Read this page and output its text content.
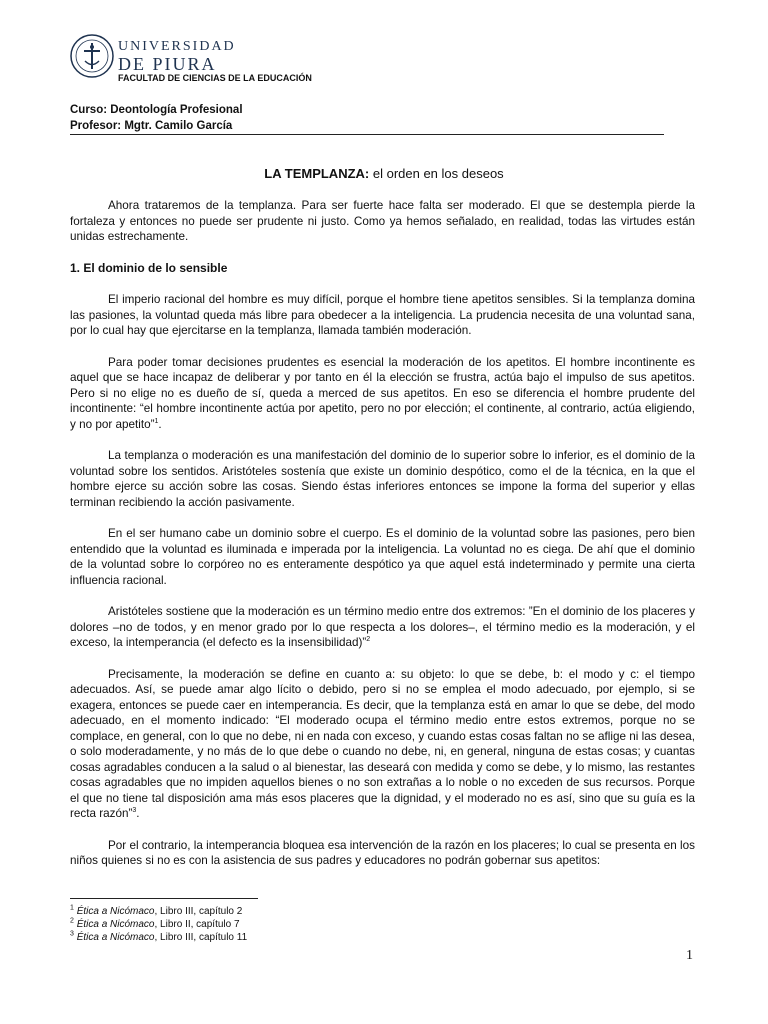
UNIVERSIDAD
DE PIURA
FACULTAD DE CIENCIAS DE LA EDUCACIÓN
Curso: Deontología Profesional
Profesor: Mgtr. Camilo García
LA TEMPLANZA: el orden en los deseos

Ahora trataremos de la templanza. Para ser fuerte hace falta ser moderado. El que se destempla pierde la fortaleza y entonces no puede ser prudente ni justo. Como ya hemos señalado, en realidad, todas las virtudes están unidas estrechamente.

1. El dominio de lo sensible

El imperio racional del hombre es muy difícil, porque el hombre tiene apetitos sensibles. Si la templanza domina las pasiones, la voluntad queda más libre para obedecer a la inteligencia. La prudencia necesita de una voluntad sana, por lo cual hay que ejercitarse en la templanza, llamada también moderación.

Para poder tomar decisiones prudentes es esencial la moderación de los apetitos. El hombre incontinente es aquel que se hace incapaz de deliberar y por tanto en él la elección se frustra, actúa bajo el impulso de sus apetitos. Pero si no elige no es dueño de sí, queda a merced de sus apetitos. En eso se diferencia el hombre prudente del incontinente: “el hombre incontinente actúa por apetito, pero no por elección; el continente, al contrario, actúa eligiendo, y no por apetito”$^1$.

La templanza o moderación es una manifestación del dominio de lo superior sobre lo inferior, es el dominio de la voluntad sobre los sentidos. Aristóteles sostenía que existe un dominio despótico, como el de la técnica, en la que el hombre ejerce su acción sobre las cosas. Siendo éstas inferiores entonces se impone la forma del superior y ellas terminan recibiendo la acción pasivamente.

En el ser humano cabe un dominio sobre el cuerpo. Es el dominio de la voluntad sobre las pasiones, pero bien entendido que la voluntad es iluminada e imperada por la inteligencia. La voluntad no es ciega. De ahí que el dominio de la voluntad sobre lo corpóreo no es enteramente despótico ya que aquel está indeterminado y permite una cierta influencia racional.

Aristóteles sostiene que la moderación es un término medio entre dos extremos: ”En el dominio de los placeres y dolores –no de todos, y en menor grado por lo que respecta a los dolores–, el término medio es la moderación, y el exceso, la intemperancia (el defecto es la insensibilidad)”$^2$

Precisamente, la moderación se define en cuanto a: su objeto: lo que se debe, b: el modo y c: el tiempo adecuados. Así, se puede amar algo lícito o debido, pero si no se emplea el modo adecuado, por ejemplo, si se exagera, entonces se puede caer en intemperancia. Es decir, que la templanza está en amar lo que se debe, del modo adecuado, en el momento indicado: “El moderado ocupa el término medio entre estos extremos, porque no se complace, en general, con lo que no debe, ni en nada con exceso, y cuando estas cosas faltan no se aflige ni las desea, o solo moderadamente, y no más de lo que debe o cuando no debe, ni, en general, ninguna de estas cosas; y cuantas cosas agradables conducen a la salud o al bienestar, las deseará con medida y como se debe, y lo mismo, las restantes cosas agradables que no impiden aquellos bienes o no son extrañas a lo noble o no exceden de sus recursos. Porque el que no tiene tal disposición ama más esos placeres que la dignidad, y el moderado no es así, sino que su guía es la recta razón”$^3$.

Por el contrario, la intemperancia bloquea esa intervención de la razón en los placeres; lo cual se presenta en los niños quienes si no es con la asistencia de sus padres y educadores no podrán gobernar sus apetitos:

$^1$ Ética a Nicómaco, Libro III, capítulo 2
$^2$ Ética a Nicómaco, Libro II, capítulo 7
$^3$ Ética a Nicómaco, Libro III, capítulo 11
1
